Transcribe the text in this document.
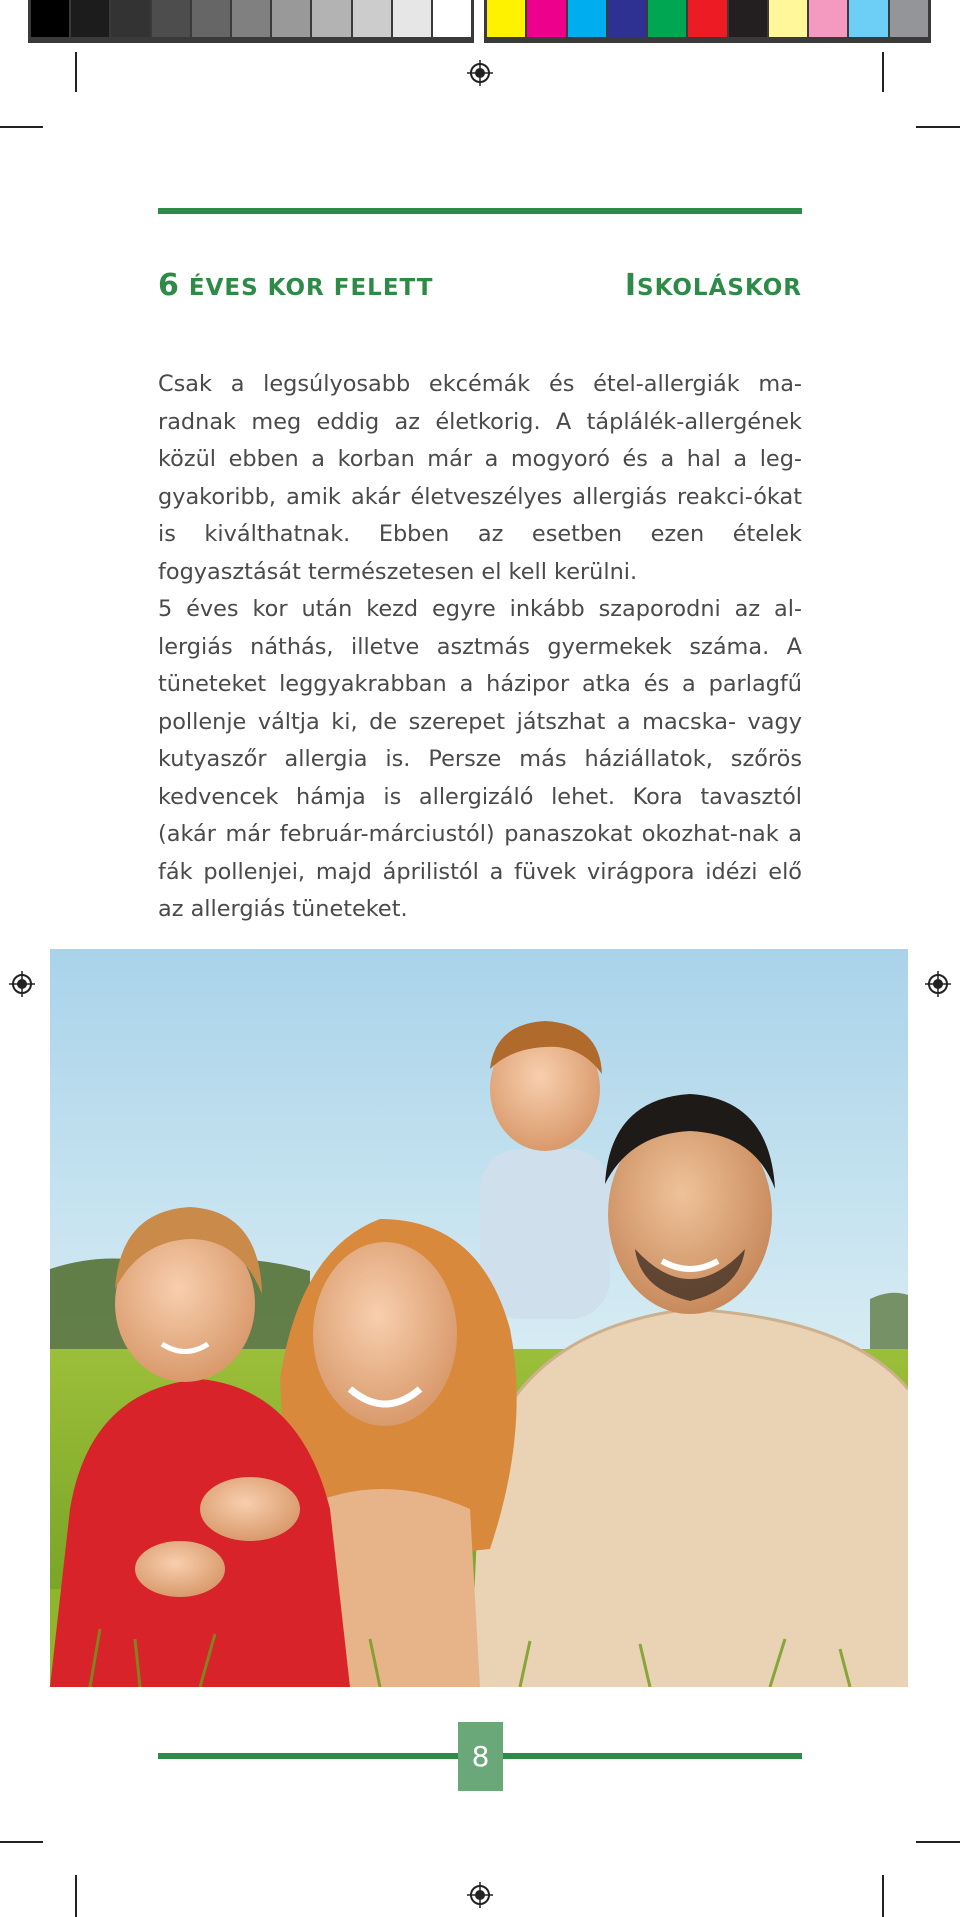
6 ÉVES KOR FELETT	ISKOLÁSKOR

Csak a legsúlyosabb ekcémák és étel-allergiák ma-radnak meg eddig az életkorig. A táplálék-allergének közül ebben a korban már a mogyoró és a hal a leg-gyakoribb, amik akár életveszélyes allergiás reakci-ókat is kiválthatnak. Ebben az esetben ezen ételek fogyasztását természetesen el kell kerülni.

5 éves kor után kezd egyre inkább szaporodni az al-lergiás náthás, illetve asztmás gyermekek száma. A tüneteket leggyakrabban a házipor atka és a parlagfű pollenje váltja ki, de szerepet játszhat a macska- vagy kutyaszőr allergia is. Persze más háziállatok, szőrös kedvencek hámja is allergizáló lehet. Kora tavasztól (akár már február-márciustól) panaszokat okozhat-nak a fák pollenjei, majd áprilistól a füvek virágpora idézi elő az allergiás tüneteket.

8
